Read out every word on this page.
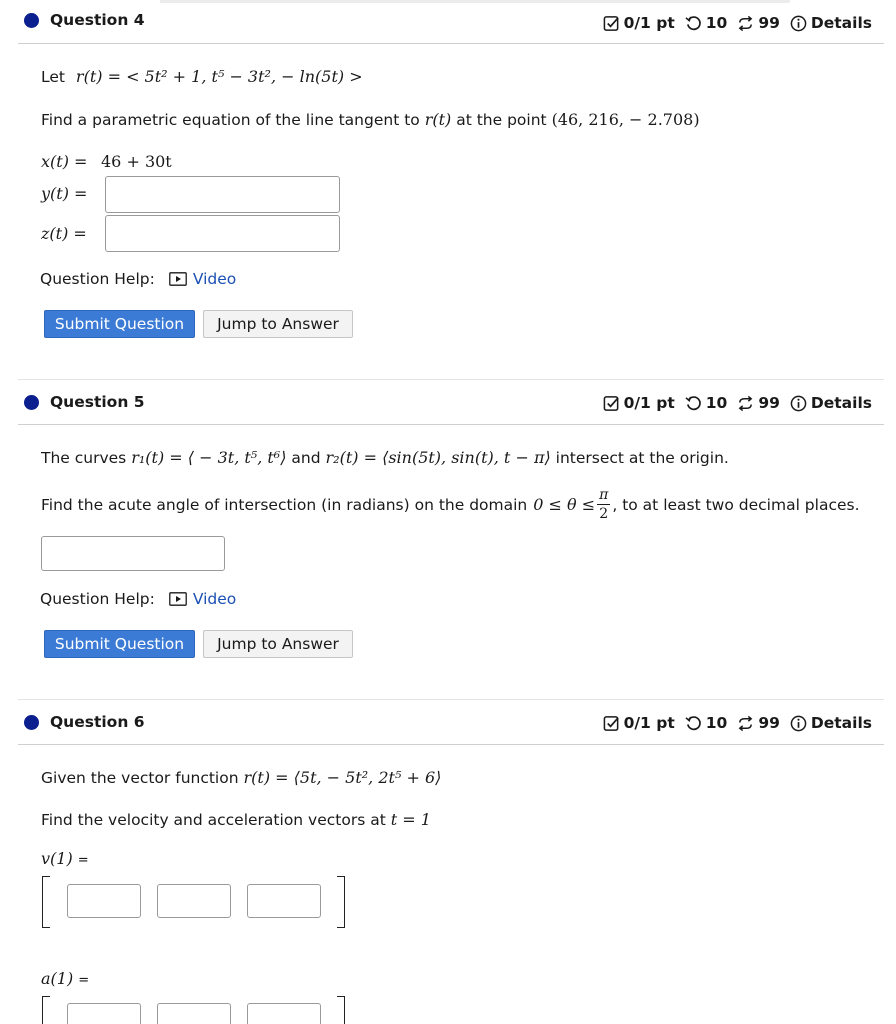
Question 4	0/1 pt 10 99 Details
Let r(t) = < 5t² + 1, t⁵ − 3t², − ln(5t) >
Find a parametric equation of the line tangent to r(t) at the point (46, 216, − 2.708)
x(t) = 46 + 30t
y(t) =
z(t) =
Question Help: Video
Submit Question	Jump to Answer
Question 5	0/1 pt 10 99 Details
The curves r₁(t) = ⟨ − 3t, t⁵, t⁶⟩ and r₂(t) = ⟨sin(5t), sin(t), t − π⟩ intersect at the origin.
Find the acute angle of intersection (in radians) on the domain $0 \le \theta \le \frac{\pi}{2}$ , to at least two decimal places.
Question Help: Video
Submit Question	Jump to Answer
Question 6	0/1 pt 10 99 Details
Given the vector function r(t) = ⟨5t, − 5t², 2t⁵ + 6⟩
Find the velocity and acceleration vectors at t = 1
v(1) =
a(1) =
